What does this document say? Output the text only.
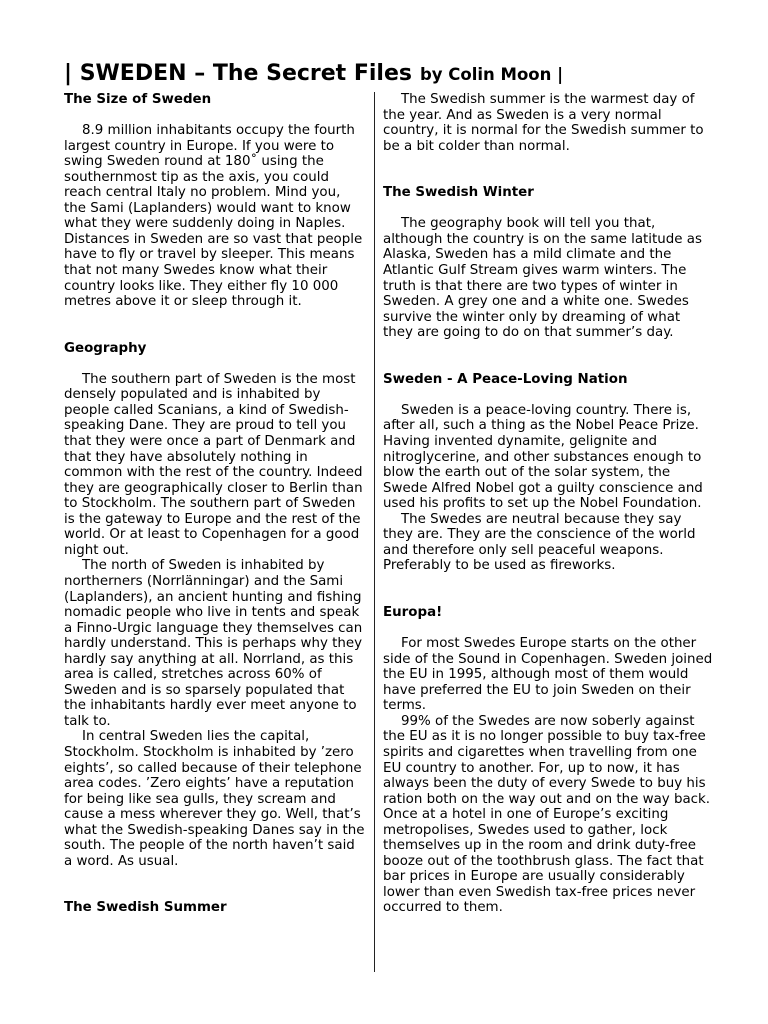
| SWEDEN – The Secret Files by Colin Moon |
The Size of Sweden

8.9 million inhabitants occupy the fourth largest country in Europe. If you were to swing Sweden round at 180˚ using the southernmost tip as the axis, you could reach central Italy no problem. Mind you, the Sami (Laplanders) would want to know what they were suddenly doing in Naples. Distances in Sweden are so vast that people have to fly or travel by sleeper. This means that not many Swedes know what their country looks like. They either fly 10 000 metres above it or sleep through it.

Geography

The southern part of Sweden is the most densely populated and is inhabited by people called Scanians, a kind of Swedish-speaking Dane. They are proud to tell you that they were once a part of Denmark and that they have absolutely nothing in common with the rest of the country. Indeed they are geographically closer to Berlin than to Stockholm. The southern part of Sweden is the gateway to Europe and the rest of the world. Or at least to Copenhagen for a good night out.

The north of Sweden is inhabited by northerners (Norrlänningar) and the Sami (Laplanders), an ancient hunting and fishing nomadic people who live in tents and speak a Finno-Urgic language they themselves can hardly understand. This is perhaps why they hardly say anything at all. Norrland, as this area is called, stretches across 60% of Sweden and is so sparsely populated that the inhabitants hardly ever meet anyone to talk to.

In central Sweden lies the capital, Stockholm. Stockholm is inhabited by ’zero eights’, so called because of their telephone area codes. ’Zero eights’ have a reputation for being like sea gulls, they scream and cause a mess wherever they go. Well, that’s what the Swedish-speaking Danes say in the south. The people of the north haven’t said a word. As usual.

The Swedish Summer

The Swedish summer is the warmest day of the year. And as Sweden is a very normal country, it is normal for the Swedish summer to be a bit colder than normal.

The Swedish Winter

The geography book will tell you that, although the country is on the same latitude as Alaska, Sweden has a mild climate and the Atlantic Gulf Stream gives warm winters. The truth is that there are two types of winter in Sweden. A grey one and a white one. Swedes survive the winter only by dreaming of what they are going to do on that summer’s day.

Sweden - A Peace-Loving Nation

Sweden is a peace-loving country. There is, after all, such a thing as the Nobel Peace Prize. Having invented dynamite, gelignite and nitroglycerine, and other substances enough to blow the earth out of the solar system, the Swede Alfred Nobel got a guilty conscience and used his profits to set up the Nobel Foundation.

The Swedes are neutral because they say they are. They are the conscience of the world and therefore only sell peaceful weapons. Preferably to be used as fireworks.

Europa!

For most Swedes Europe starts on the other side of the Sound in Copenhagen. Sweden joined the EU in 1995, although most of them would have preferred the EU to join Sweden on their terms.

99% of the Swedes are now soberly against the EU as it is no longer possible to buy tax-free spirits and cigarettes when travelling from one EU country to another. For, up to now, it has always been the duty of every Swede to buy his ration both on the way out and on the way back. Once at a hotel in one of Europe’s exciting metropolises, Swedes used to gather, lock themselves up in the room and drink duty-free booze out of the toothbrush glass. The fact that bar prices in Europe are usually considerably lower than even Swedish tax-free prices never occurred to them.
